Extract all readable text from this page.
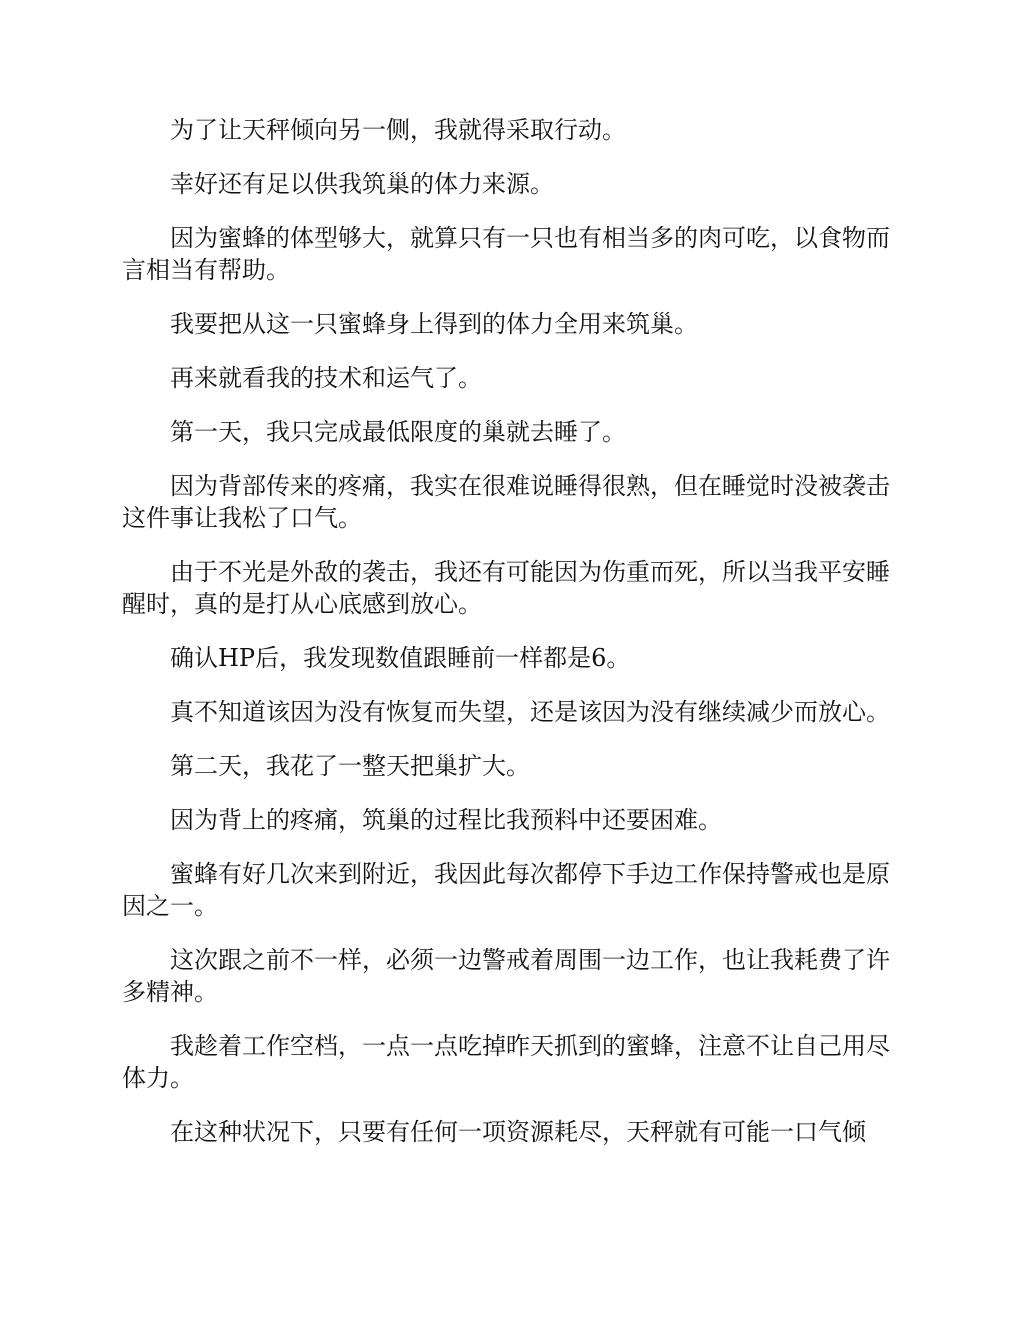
为了让天秤倾向另一侧，我就得采取行动。

幸好还有足以供我筑巢的体力来源。

因为蜜蜂的体型够大，就算只有一只也有相当多的肉可吃，以食物而言相当有帮助。

我要把从这一只蜜蜂身上得到的体力全用来筑巢。

再来就看我的技术和运气了。

第一天，我只完成最低限度的巢就去睡了。

因为背部传来的疼痛，我实在很难说睡得很熟，但在睡觉时没被袭击这件事让我松了口气。

由于不光是外敌的袭击，我还有可能因为伤重而死，所以当我平安睡醒时，真的是打从心底感到放心。

确认HP后，我发现数值跟睡前一样都是6。

真不知道该因为没有恢复而失望，还是该因为没有继续减少而放心。

第二天，我花了一整天把巢扩大。

因为背上的疼痛，筑巢的过程比我预料中还要困难。

蜜蜂有好几次来到附近，我因此每次都停下手边工作保持警戒也是原因之一。

这次跟之前不一样，必须一边警戒着周围一边工作，也让我耗费了许多精神。

我趁着工作空档，一点一点吃掉昨天抓到的蜜蜂，注意不让自己用尽体力。

在这种状况下，只要有任何一项资源耗尽，天秤就有可能一口气倾
